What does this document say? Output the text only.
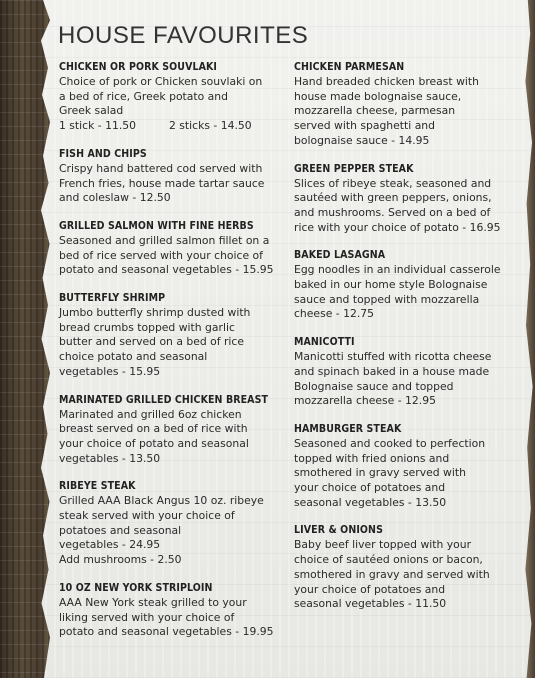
HOUSE FAVOURITES
CHICKEN OR PORK SOUVLAKI
Choice of pork or Chicken souvlaki on
a bed of rice, Greek potato and
Greek salad
1 stick - 11.50	2 sticks - 14.50
FISH AND CHIPS
Crispy hand battered cod served with
French fries, house made tartar sauce
and coleslaw - 12.50
GRILLED SALMON WITH FINE HERBS
Seasoned and grilled salmon fillet on a
bed of rice served with your choice of
potato and seasonal vegetables - 15.95
BUTTERFLY SHRIMP
Jumbo butterfly shrimp dusted with
bread crumbs topped with garlic
butter and served on a bed of rice
choice potato and seasonal
vegetables - 15.95
MARINATED GRILLED CHICKEN BREAST
Marinated and grilled 6oz chicken
breast served on a bed of rice with
your choice of potato and seasonal
vegetables - 13.50
RIBEYE STEAK
Grilled AAA Black Angus 10 oz. ribeye
steak served with your choice of
potatoes and seasonal
vegetables - 24.95
Add mushrooms - 2.50
10 OZ NEW YORK STRIPLOIN
AAA New York steak grilled to your
liking served with your choice of
potato and seasonal vegetables - 19.95
CHICKEN PARMESAN
Hand breaded chicken breast with
house made bolognaise sauce,
mozzarella cheese, parmesan
served with spaghetti and
bolognaise sauce - 14.95
GREEN PEPPER STEAK
Slices of ribeye steak, seasoned and
sautéed with green peppers, onions,
and mushrooms. Served on a bed of
rice with your choice of potato - 16.95
BAKED LASAGNA
Egg noodles in an individual casserole
baked in our home style Bolognaise
sauce and topped with mozzarella
cheese - 12.75
MANICOTTI
Manicotti stuffed with ricotta cheese
and spinach baked in a house made
Bolognaise sauce and topped
mozzarella cheese - 12.95
HAMBURGER STEAK
Seasoned and cooked to perfection
topped with fried onions and
smothered in gravy served with
your choice of potatoes and
seasonal vegetables - 13.50
LIVER & ONIONS
Baby beef liver topped with your
choice of sautéed onions or bacon,
smothered in gravy and served with
your choice of potatoes and
seasonal vegetables - 11.50
